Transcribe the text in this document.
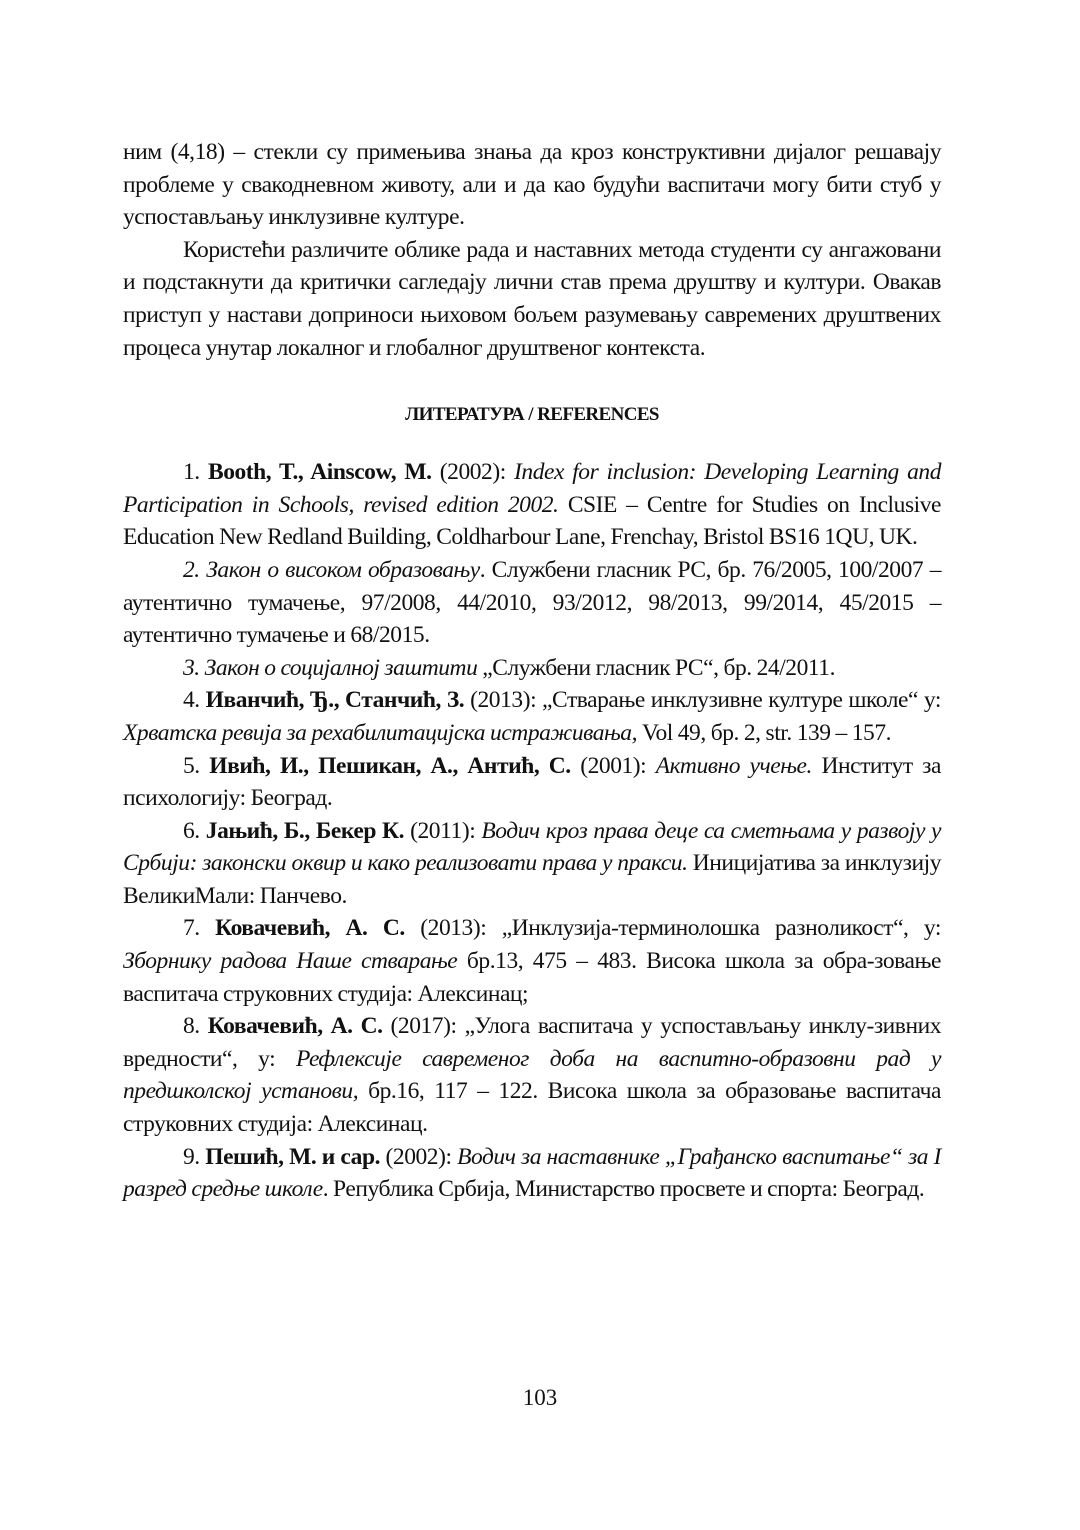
ним (4,18) – стекли су примењива знања да кроз конструктивни дијалог решавају проблеме у свакодневном животу, али и да као будући васпитачи могу бити стуб у успостављању инклузивне културе.

Користећи различите облике рада и наставних метода студенти су ангажовани и подстакнути да критички сагледају лични став према друштву и култури. Овакав приступ у настави доприноси њиховом бољем разумевању савремених друштвених процеса унутар локалног и глобалног друштвеног контекста.

ЛИТЕРАТУРА / REFERENCES

1. Booth, T., Ainscow, M. (2002): Index for inclusion: Developing Learning and Participation in Schools, revised edition 2002. CSIE – Centre for Studies on Inclusive Education New Redland Building, Coldharbour Lane, Frenchay, Bristol BS16 1QU, UK.

2. Закон о високом образовању. Службени гласник РС, бр. 76/2005, 100/2007 – аутентично тумачење, 97/2008, 44/2010, 93/2012, 98/2013, 99/2014, 45/2015 – аутентично тумачење и 68/2015.

3. Закон о социјалној заштити „Службени гласник РС“, бр. 24/2011.

4. Иванчић, Ђ., Станчић, З. (2013): „Стварање инклузивне културе школе“ у: Хрватска ревија за рехабилитацијска истраживања, Vol 49, бр. 2, str. 139 – 157.

5. Ивић, И., Пешикан, А., Антић, С. (2001): Активно учење. Институт за психологију: Београд.

6. Јањић, Б., Бекер К. (2011): Водич кроз права деце са сметњама у развоју у Србији: законски оквир и како реализовати права у пракси. Иницијатива за инклузију ВеликиМали: Панчево.

7. Ковачевић, А. С. (2013): „Инклузија-терминолошка разноликост“, у: Зборнику радова Наше стварање бр.13, 475 – 483. Висока школа за обра-зовање васпитача струковних студија: Алексинац;

8. Ковачевић, А. С. (2017): „Улога васпитача у успостављању инклу-зивних вредности“, у: Рефлексије савременог доба на васпитно-образовни рад у предшколској установи, бр.16, 117 – 122. Висока школа за образовање васпитача струковних студија: Алексинац.

9. Пешић, М. и сар. (2002): Водич за наставнике „Грађанско васпитање“ за I разред средње школе. Република Србија, Министарство просвете и спорта: Београд.

103
